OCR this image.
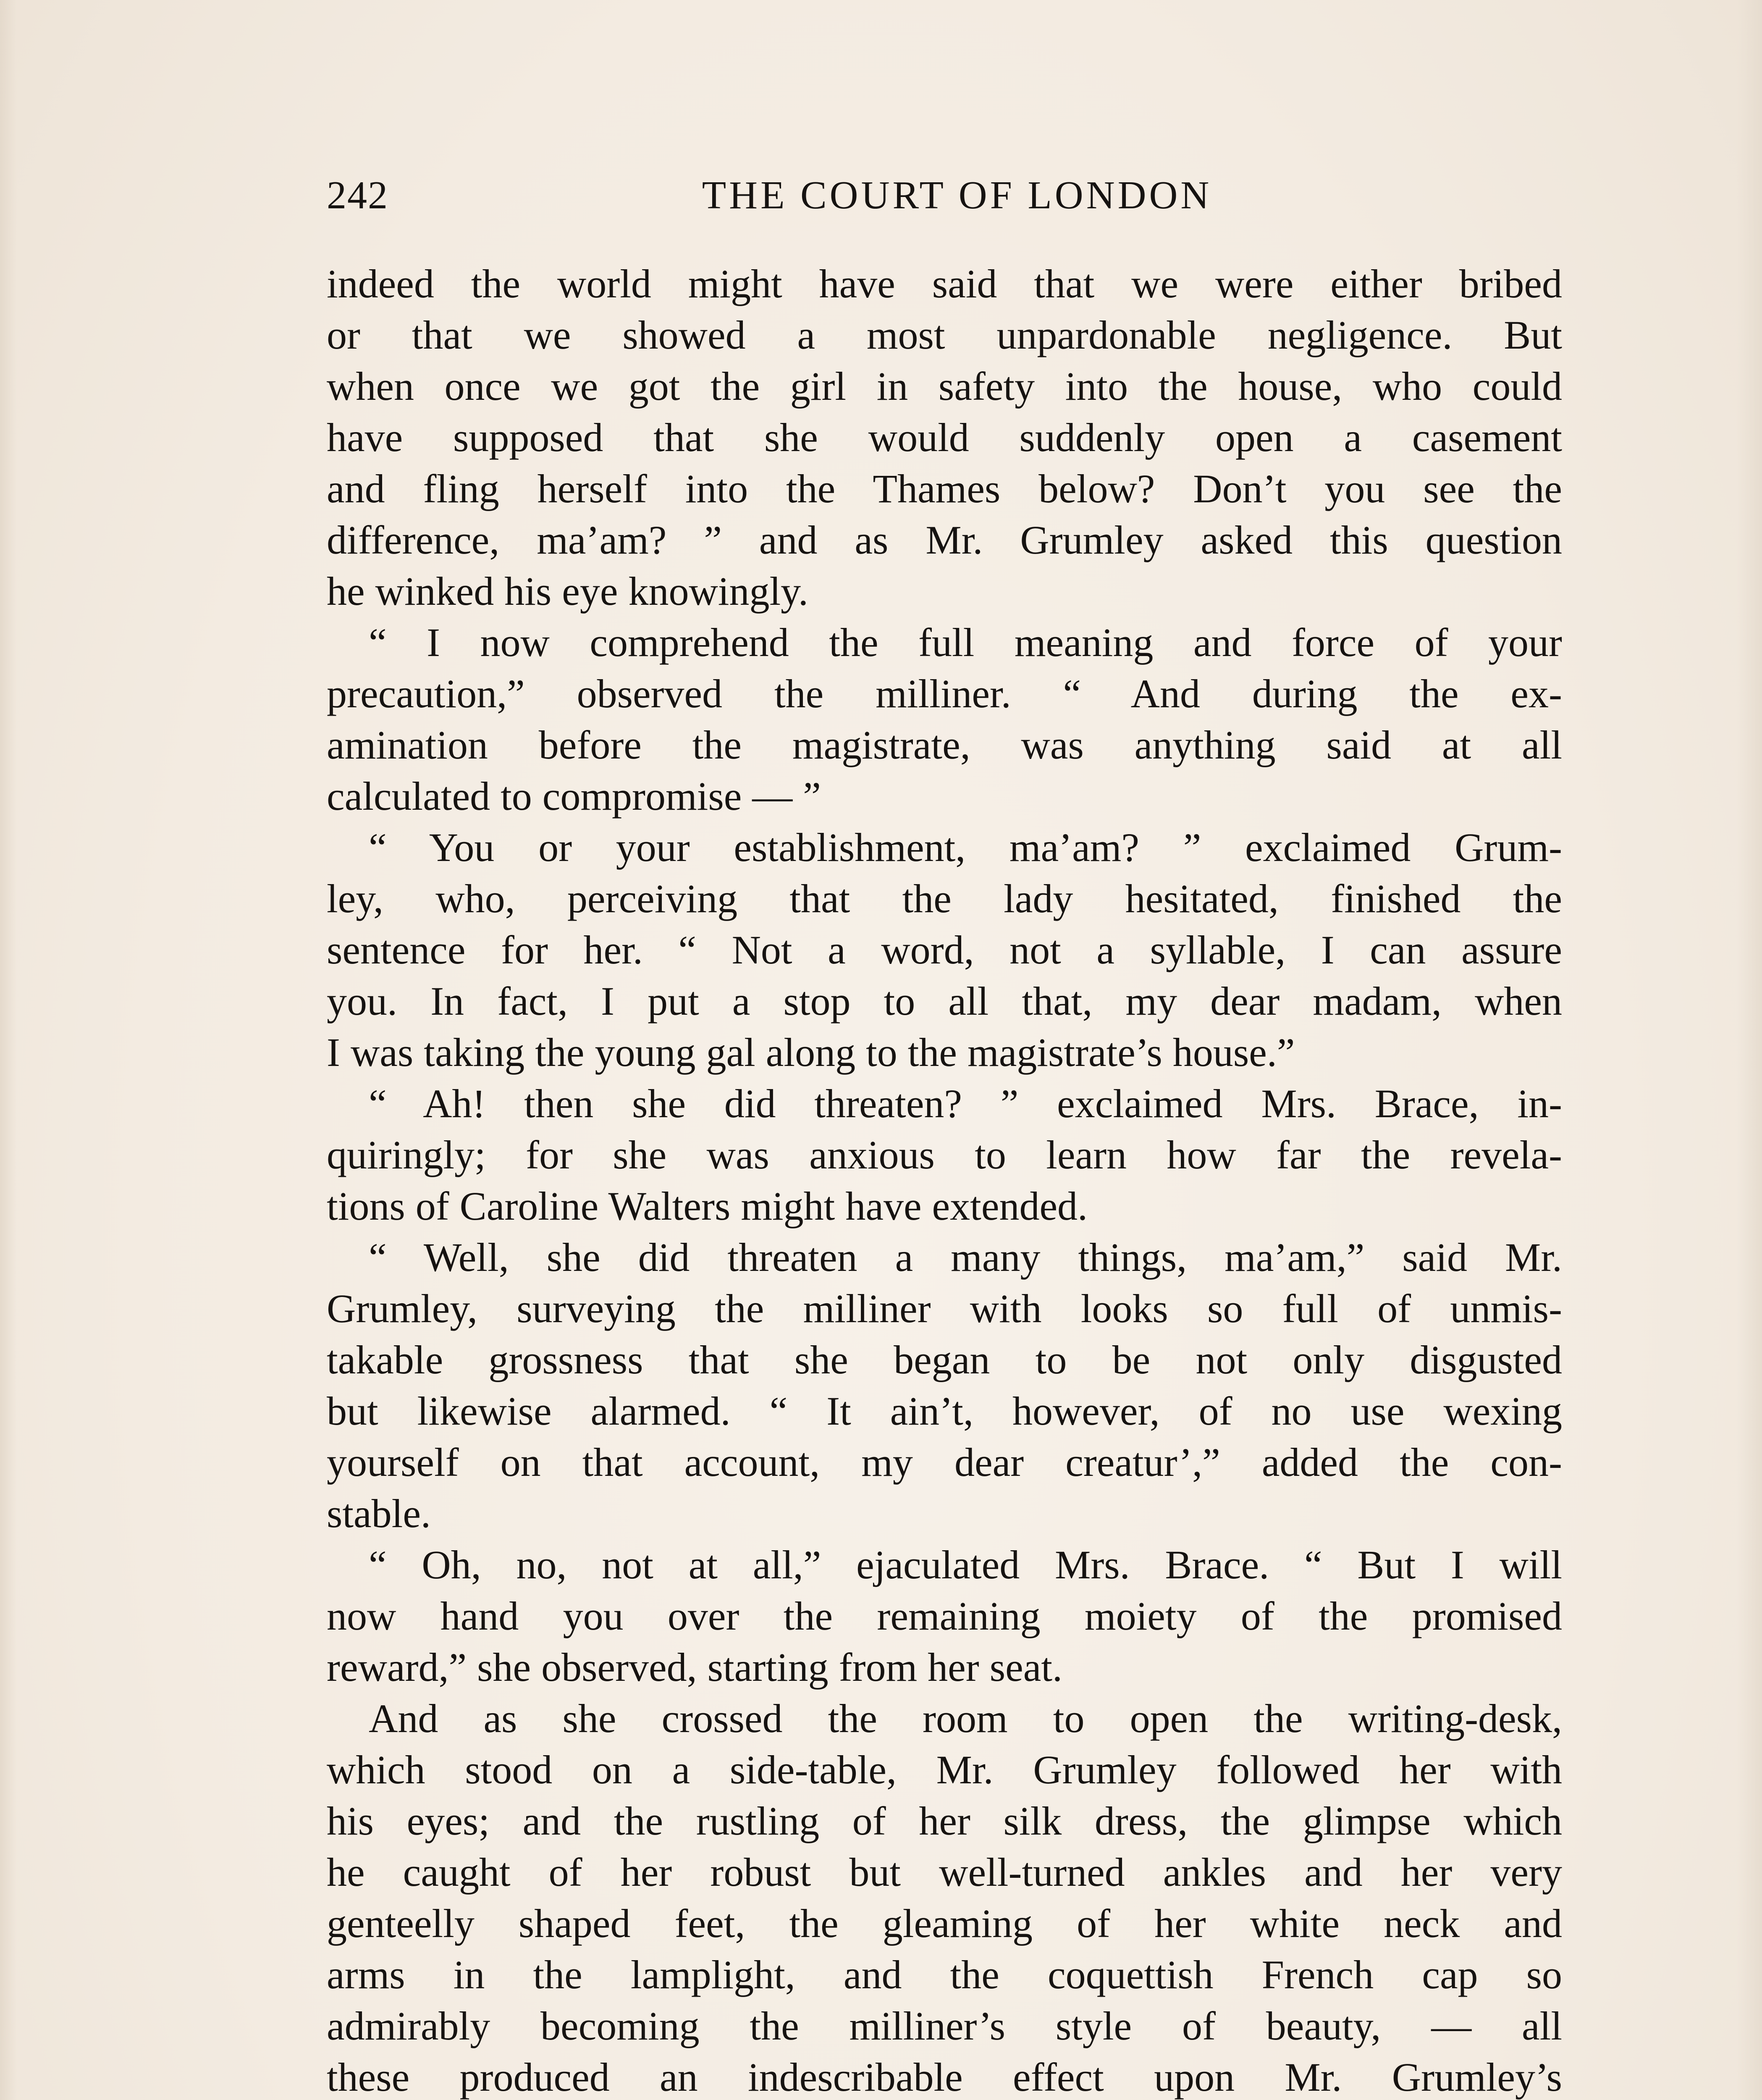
242	THE COURT OF LONDON
indeed the world might have said that we were either bribed
or that we showed a most unpardonable negligence. But
when once we got the girl in safety into the house, who could
have supposed that she would suddenly open a casement
and fling herself into the Thames below? Don’t you see the
difference, ma’am? ” and as Mr. Grumley asked this question
he winked his eye knowingly.
“ I now comprehend the full meaning and force of your
precaution,” observed the milliner. “ And during the ex-
amination before the magistrate, was anything said at all
calculated to compromise — ”
“ You or your establishment, ma’am? ” exclaimed Grum-
ley, who, perceiving that the lady hesitated, finished the
sentence for her. “ Not a word, not a syllable, I can assure
you. In fact, I put a stop to all that, my dear madam, when
I was taking the young gal along to the magistrate’s house.”
“ Ah! then she did threaten? ” exclaimed Mrs. Brace, in-
quiringly; for she was anxious to learn how far the revela-
tions of Caroline Walters might have extended.
“ Well, she did threaten a many things, ma’am,” said Mr.
Grumley, surveying the milliner with looks so full of unmis-
takable grossness that she began to be not only disgusted
but likewise alarmed. “ It ain’t, however, of no use wexing
yourself on that account, my dear creatur’,” added the con-
stable.
“ Oh, no, not at all,” ejaculated Mrs. Brace. “ But I will
now hand you over the remaining moiety of the promised
reward,” she observed, starting from her seat.
And as she crossed the room to open the writing-desk,
which stood on a side-table, Mr. Grumley followed her with
his eyes; and the rustling of her silk dress, the glimpse which
he caught of her robust but well-turned ankles and her very
genteelly shaped feet, the gleaming of her white neck and
arms in the lamplight, and the coquettish French cap so
admirably becoming the milliner’s style of beauty, — all
these produced an indescribable effect upon Mr. Grumley’s
